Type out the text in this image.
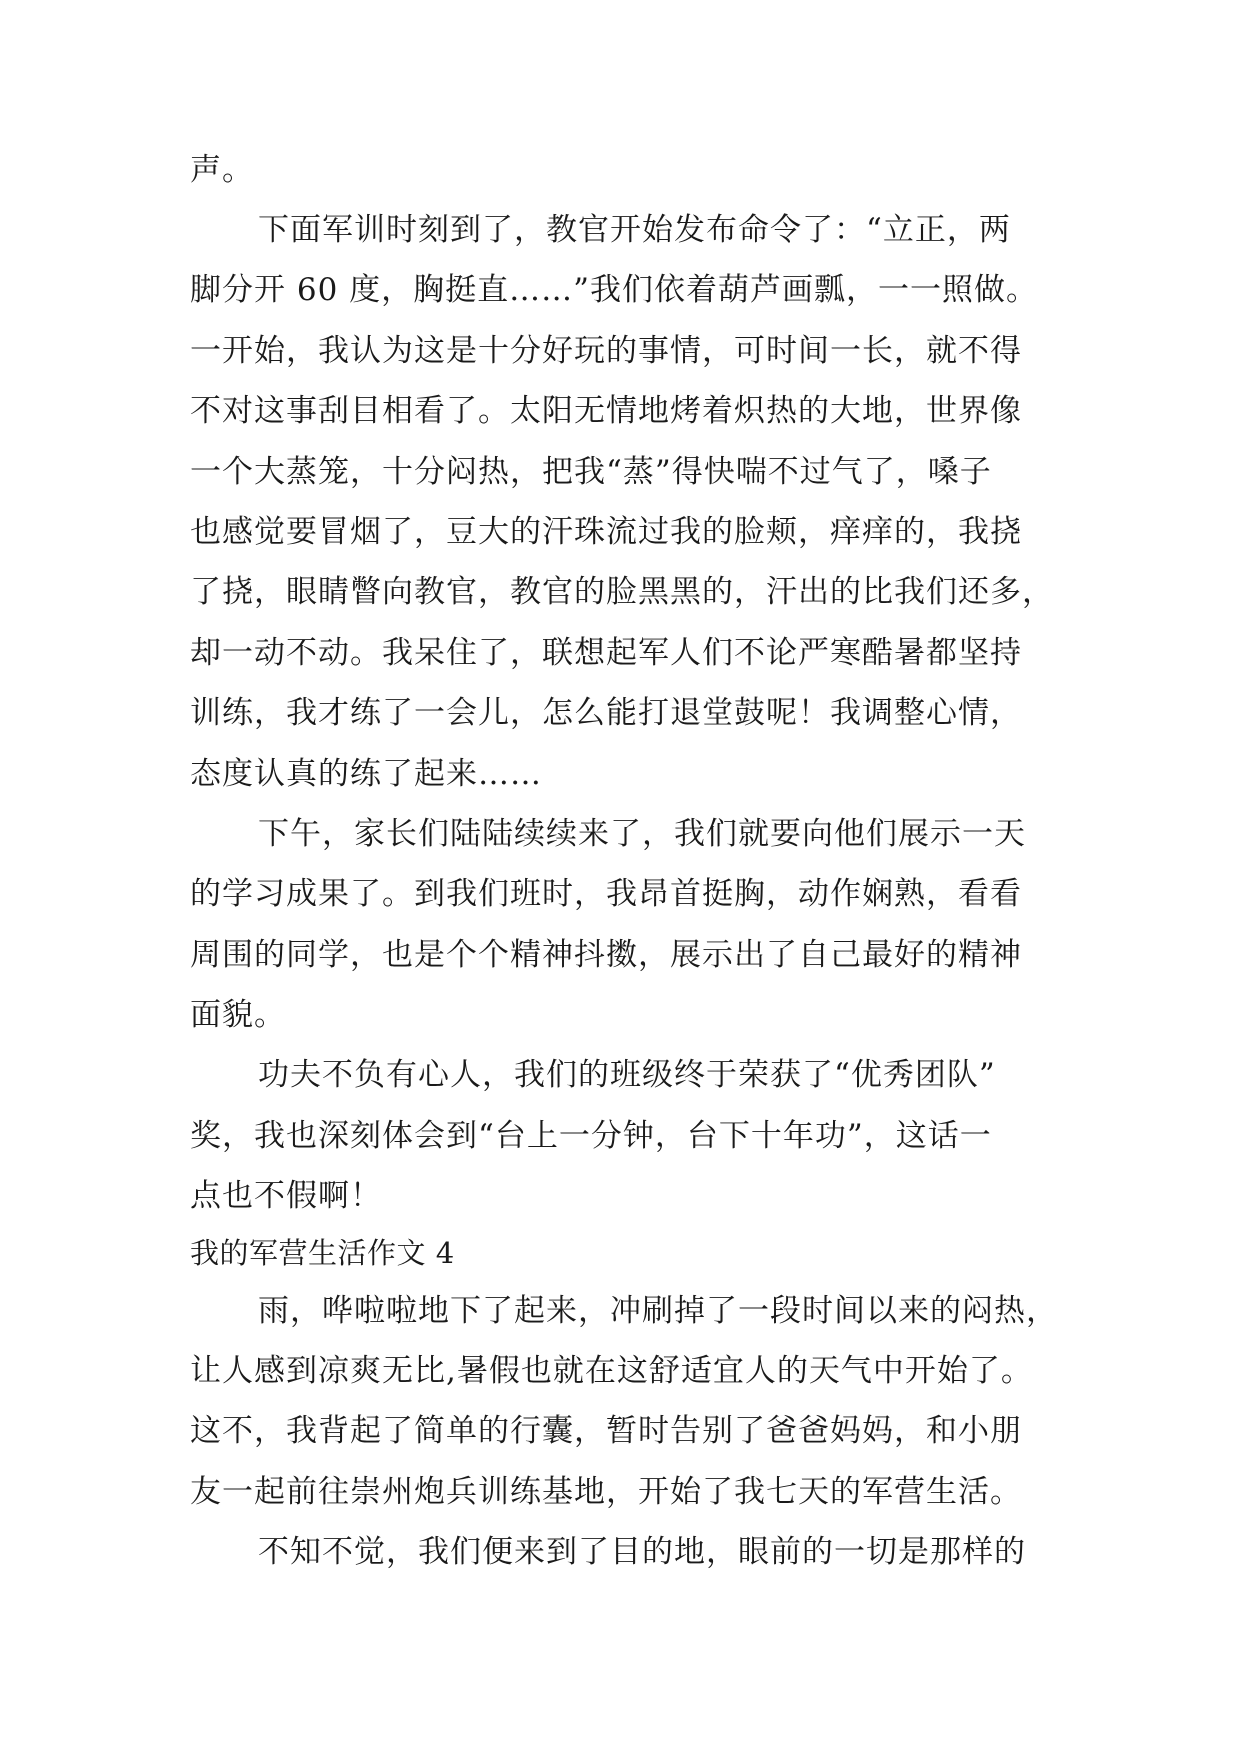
声。
下面军训时刻到了，教官开始发布命令了：“立正，两
脚分开 60 度，胸挺直……”我们依着葫芦画瓢，一一照做。
一开始，我认为这是十分好玩的事情，可时间一长，就不得
不对这事刮目相看了。太阳无情地烤着炽热的大地，世界像
一个大蒸笼，十分闷热，把我“蒸”得快喘不过气了，嗓子
也感觉要冒烟了，豆大的汗珠流过我的脸颊，痒痒的，我挠
了挠，眼睛瞥向教官，教官的脸黑黑的，汗出的比我们还多，
却一动不动。我呆住了，联想起军人们不论严寒酷暑都坚持
训练，我才练了一会儿，怎么能打退堂鼓呢！我调整心情，
态度认真的练了起来……
下午，家长们陆陆续续来了，我们就要向他们展示一天
的学习成果了。到我们班时，我昂首挺胸，动作娴熟，看看
周围的同学，也是个个精神抖擞，展示出了自己最好的精神
面貌。
功夫不负有心人，我们的班级终于荣获了“优秀团队”
奖，我也深刻体会到“台上一分钟，台下十年功”，这话一
点也不假啊！
我的军营生活作文 4
雨，哗啦啦地下了起来，冲刷掉了一段时间以来的闷热，
让人感到凉爽无比,暑假也就在这舒适宜人的天气中开始了。
这不，我背起了简单的行囊，暂时告别了爸爸妈妈，和小朋
友一起前往崇州炮兵训练基地，开始了我七天的军营生活。
不知不觉，我们便来到了目的地，眼前的一切是那样的
